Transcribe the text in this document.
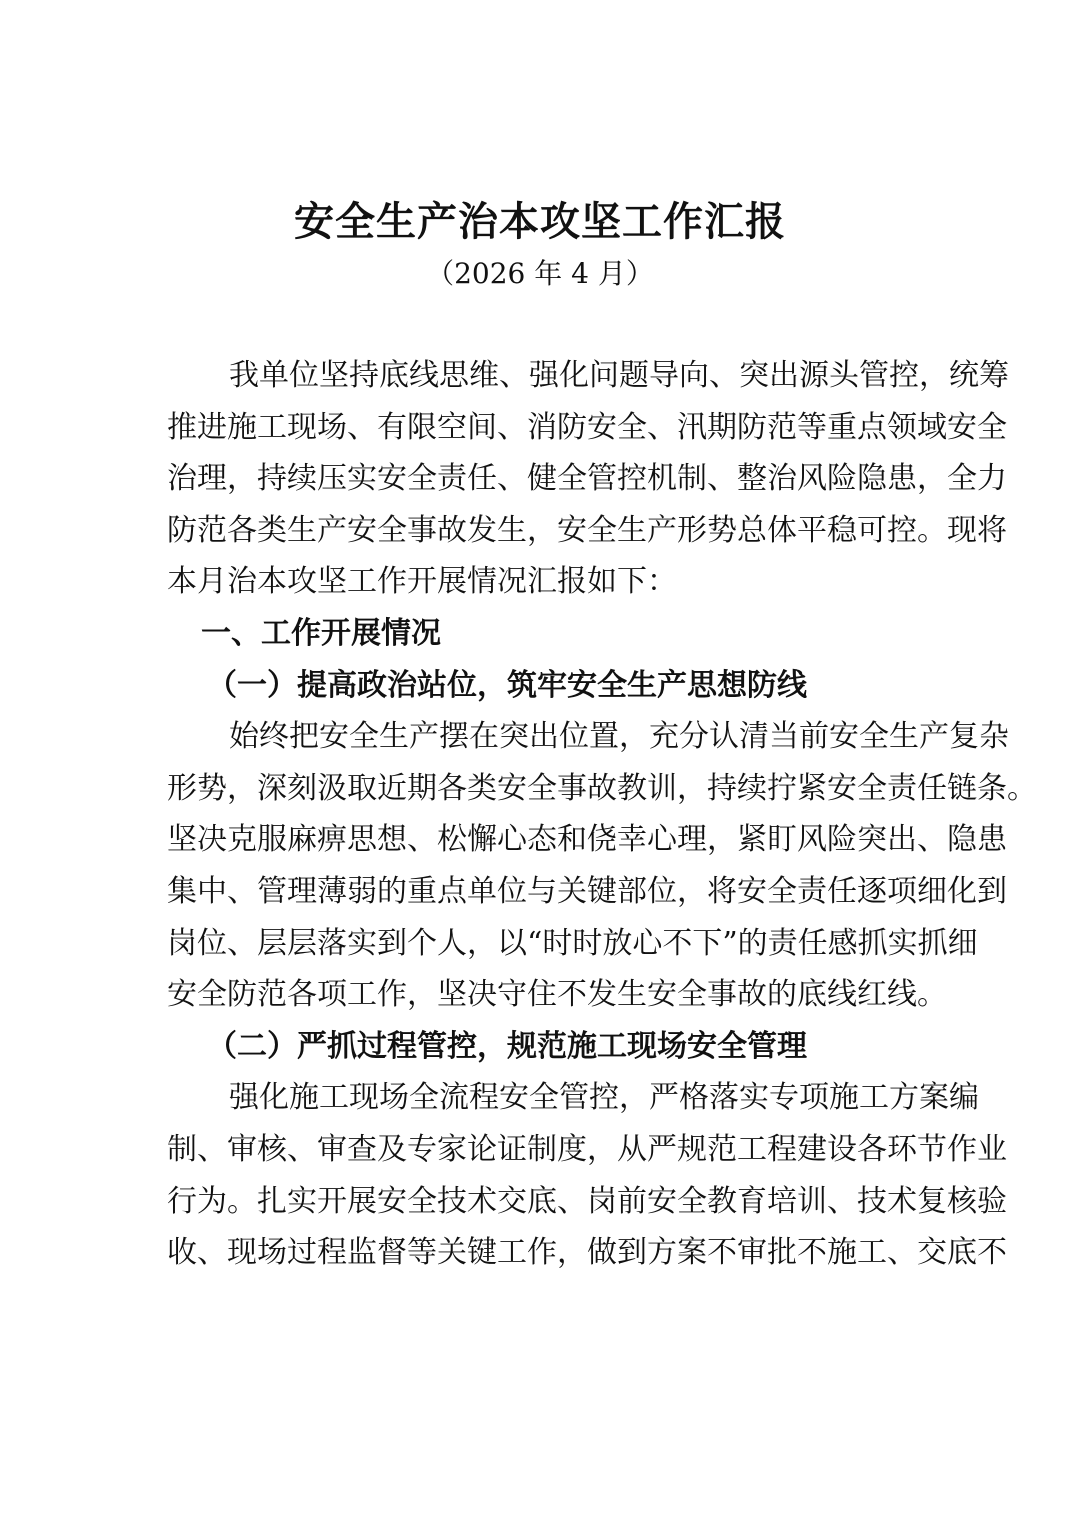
安全生产治本攻坚工作汇报
（2026 年 4 月）
我单位坚持底线思维、强化问题导向、突出源头管控，统筹
推进施工现场、有限空间、消防安全、汛期防范等重点领域安全
治理，持续压实安全责任、健全管控机制、整治风险隐患，全力
防范各类生产安全事故发生，安全生产形势总体平稳可控。现将
本月治本攻坚工作开展情况汇报如下：
一、工作开展情况
（一）提高政治站位，筑牢安全生产思想防线
始终把安全生产摆在突出位置，充分认清当前安全生产复杂
形势，深刻汲取近期各类安全事故教训，持续拧紧安全责任链条。
坚决克服麻痹思想、松懈心态和侥幸心理，紧盯风险突出、隐患
集中、管理薄弱的重点单位与关键部位，将安全责任逐项细化到
岗位、层层落实到个人，以“时时放心不下”的责任感抓实抓细
安全防范各项工作，坚决守住不发生安全事故的底线红线。
（二）严抓过程管控，规范施工现场安全管理
强化施工现场全流程安全管控，严格落实专项施工方案编
制、审核、审查及专家论证制度，从严规范工程建设各环节作业
行为。扎实开展安全技术交底、岗前安全教育培训、技术复核验
收、现场过程监督等关键工作，做到方案不审批不施工、交底不
